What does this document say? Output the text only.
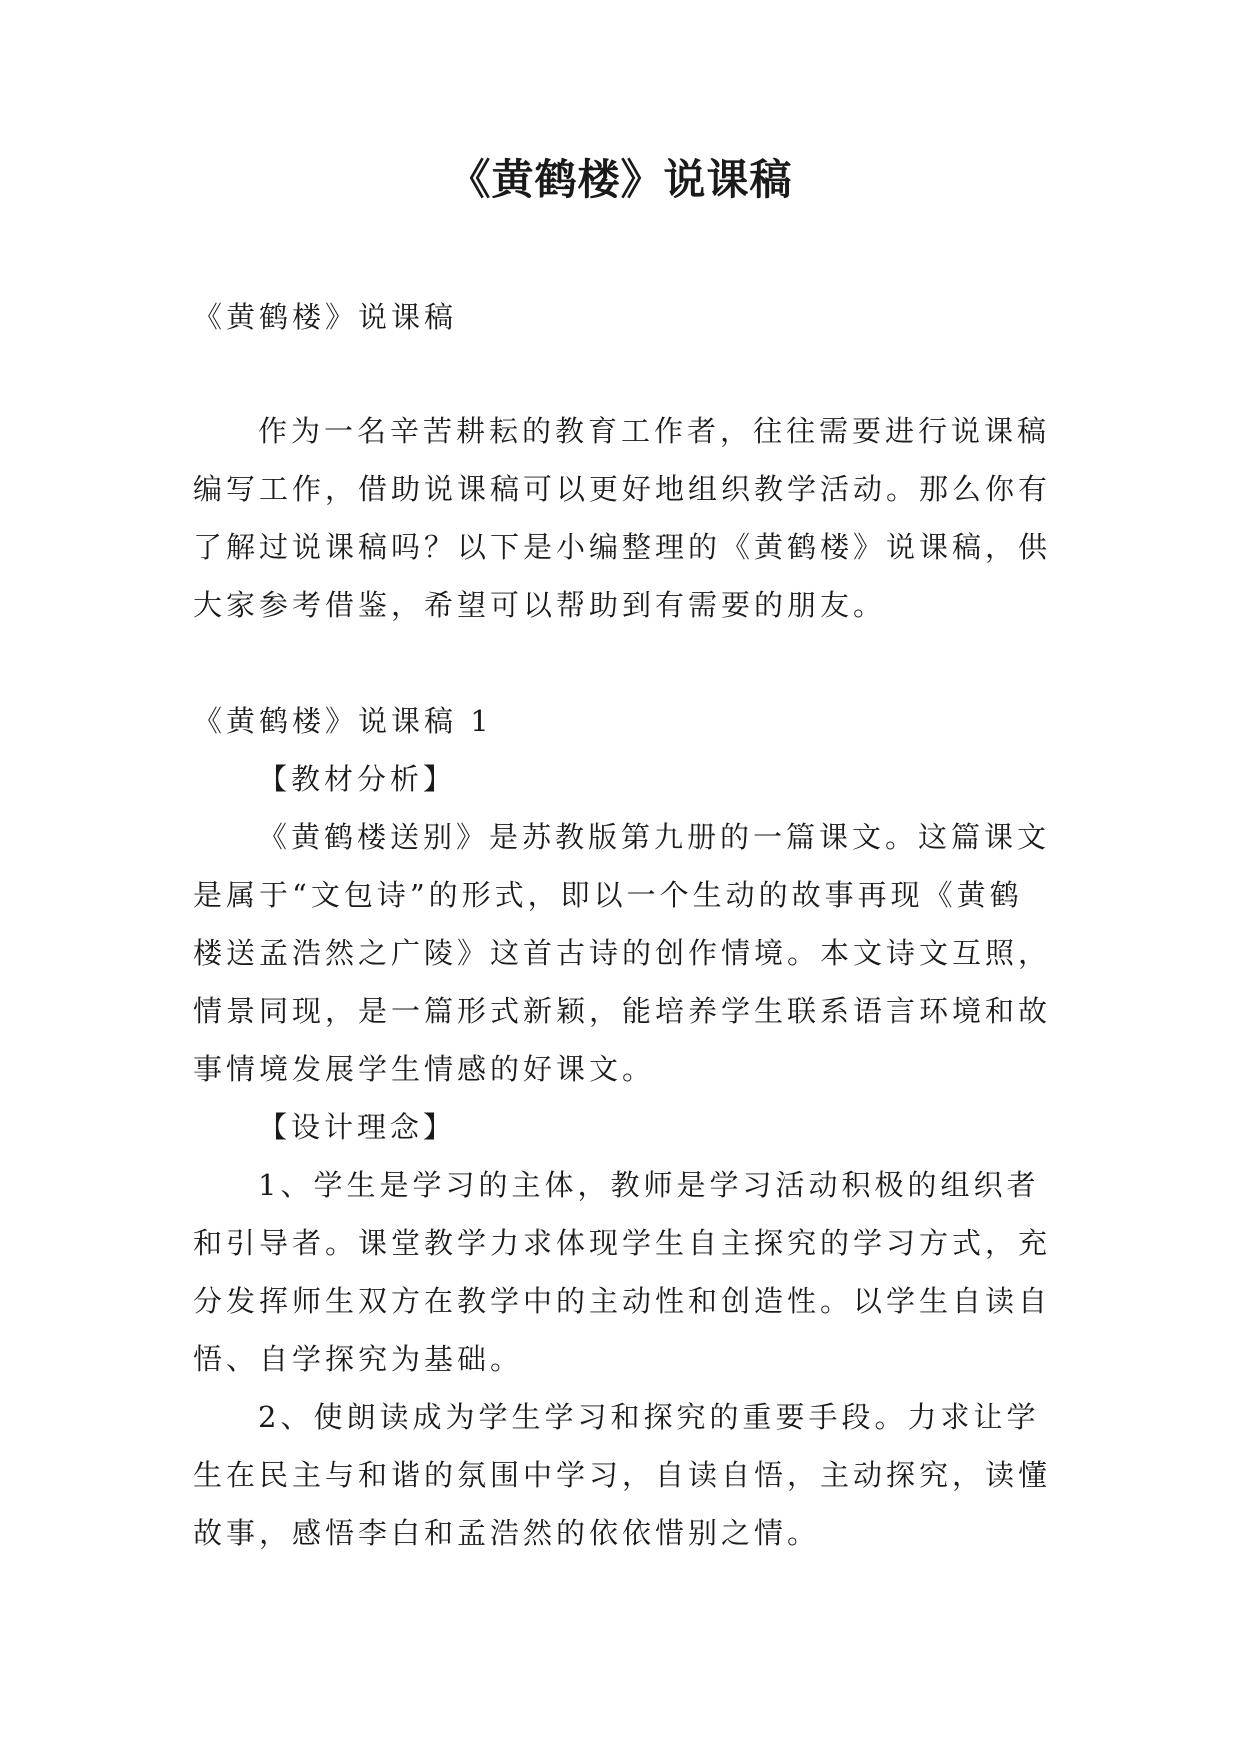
《黄鹤楼》说课稿
《黄鹤楼》说课稿
作为一名辛苦耕耘的教育工作者，往往需要进行说课稿
编写工作，借助说课稿可以更好地组织教学活动。那么你有
了解过说课稿吗？以下是小编整理的《黄鹤楼》说课稿，供
大家参考借鉴，希望可以帮助到有需要的朋友。
《黄鹤楼》说课稿 1
【教材分析】
《黄鹤楼送别》是苏教版第九册的一篇课文。这篇课文
是属于“文包诗”的形式，即以一个生动的故事再现《黄鹤
楼送孟浩然之广陵》这首古诗的创作情境。本文诗文互照，
情景同现，是一篇形式新颖，能培养学生联系语言环境和故
事情境发展学生情感的好课文。
【设计理念】
1、学生是学习的主体，教师是学习活动积极的组织者
和引导者。课堂教学力求体现学生自主探究的学习方式，充
分发挥师生双方在教学中的主动性和创造性。以学生自读自
悟、自学探究为基础。
2、使朗读成为学生学习和探究的重要手段。力求让学
生在民主与和谐的氛围中学习，自读自悟，主动探究，读懂
故事，感悟李白和孟浩然的依依惜别之情。
